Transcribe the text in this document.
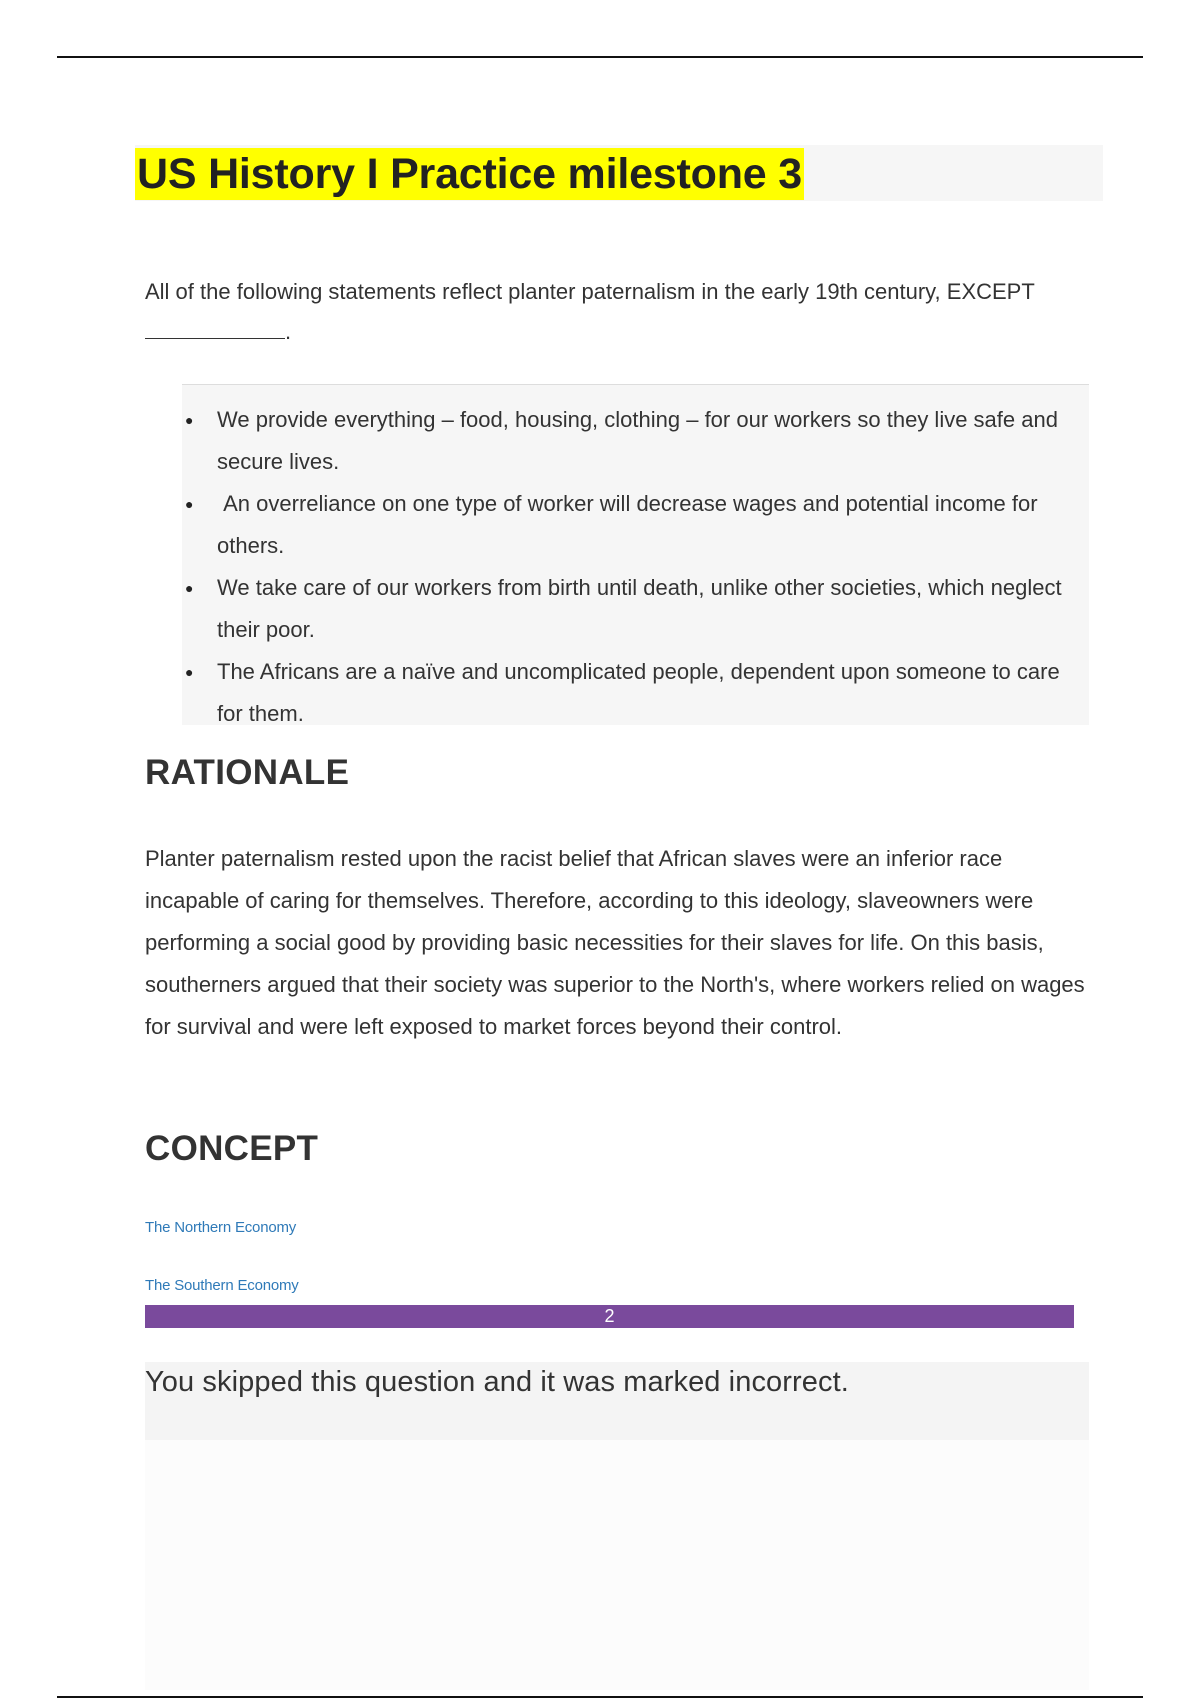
US History I Practice milestone 3

All of the following statements reflect planter paternalism in the early 19th century, EXCEPT.

● We provide everything – food, housing, clothing – for our workers so they live safe and secure lives.
● An overreliance on one type of worker will decrease wages and potential income for others.
● We take care of our workers from birth until death, unlike other societies, which neglect their poor.
● The Africans are a naïve and uncomplicated people, dependent upon someone to care for them.
RATIONALE

Planter paternalism rested upon the racist belief that African slaves were an inferior race incapable of caring for themselves. Therefore, according to this ideology, slaveowners were performing a social good by providing basic necessities for their slaves for life. On this basis, southerners argued that their society was superior to the North's, where workers relied on wages for survival and were left exposed to market forces beyond their control.

CONCEPT
The Northern Economy
The Southern Economy
2

You skipped this question and it was marked incorrect.
